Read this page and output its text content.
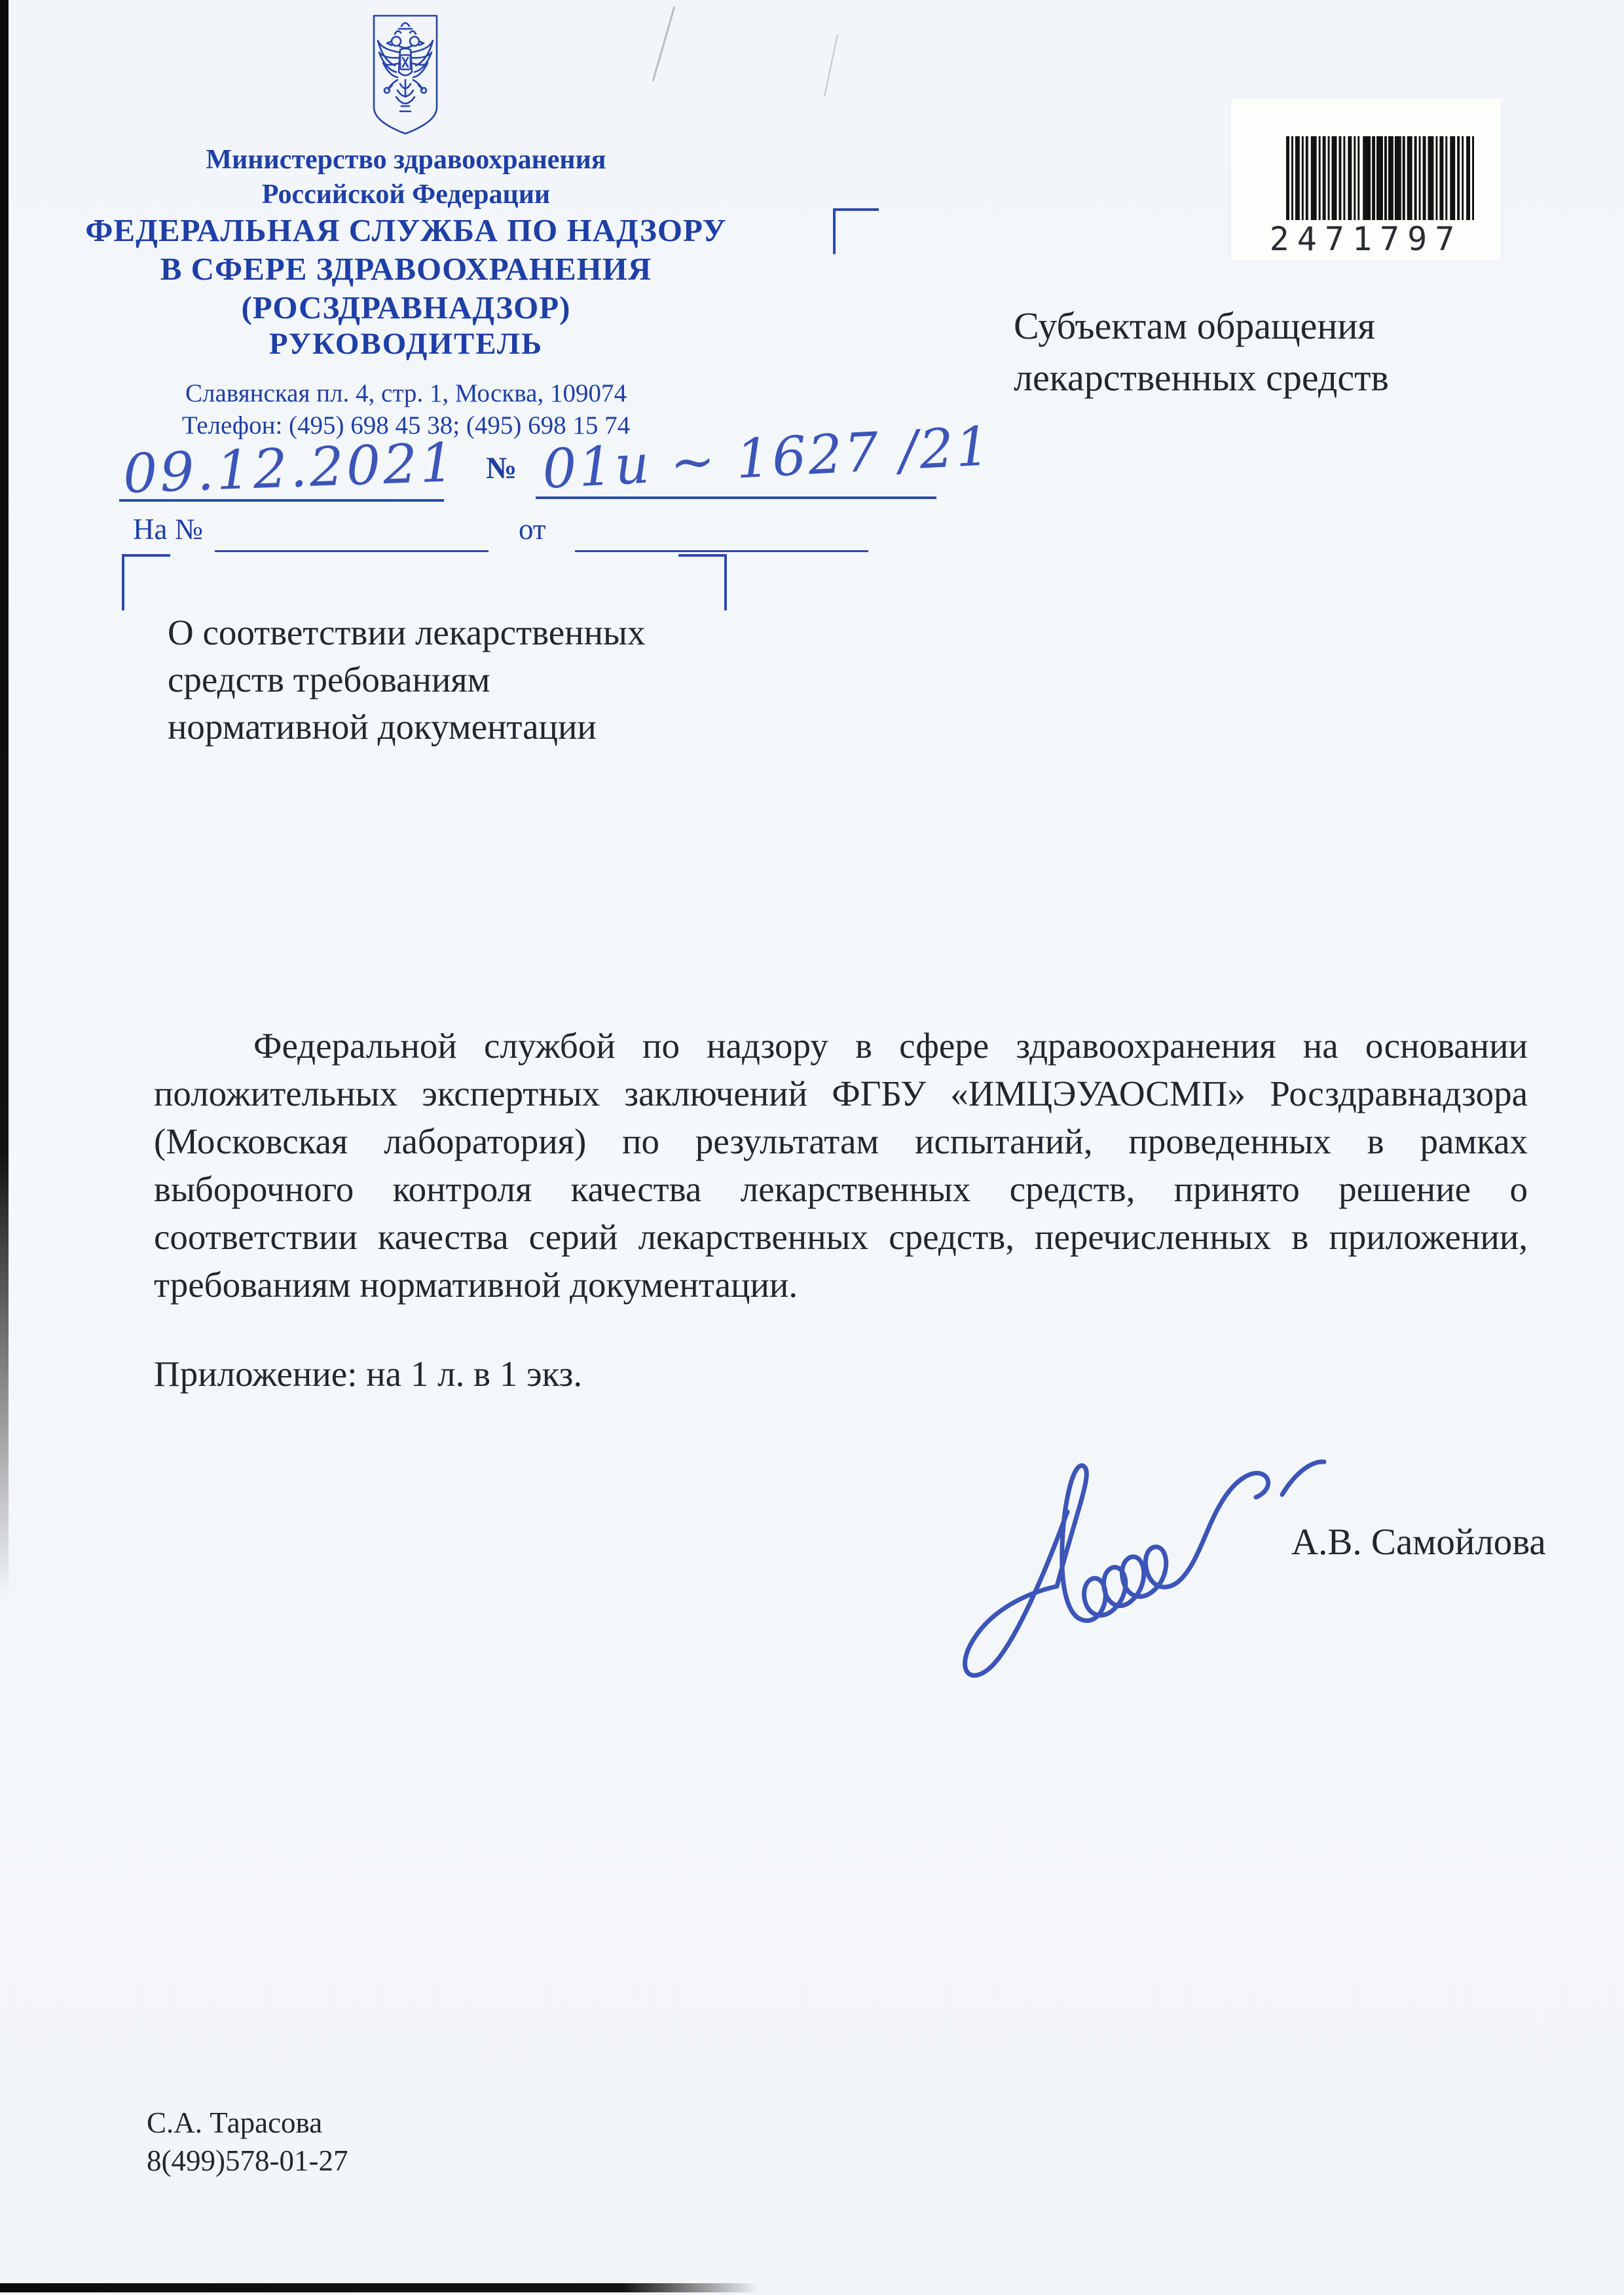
Министерство здравоохранения
Российской Федерации
ФЕДЕРАЛЬНАЯ СЛУЖБА ПО НАДЗОРУ
В СФЕРЕ ЗДРАВООХРАНЕНИЯ
(РОСЗДРАВНАДЗОР)
РУКОВОДИТЕЛЬ
Славянская пл. 4, стр. 1, Москва, 109074
Телефон: (495) 698 45 38; (495) 698 15 74
09.12.2021 № 01и ~ 1627 /21
На №	от
2471797
Субъектам обращения
лекарственных средств
О соответствии лекарственных
средств требованиям
нормативной документации
Федеральной службой по надзору в сфере здравоохранения на основании положительных экспертных заключений ФГБУ «ИМЦЭУАОСМП» Росздравнадзора (Московская лаборатория) по результатам испытаний, проведенных в рамках выборочного контроля качества лекарственных средств, принято решение о соответствии качества серий лекарственных средств, перечисленных в приложении, требованиям нормативной документации.
Приложение: на 1 л. в 1 экз.
А.В. Самойлова
С.А. Тарасова
8(499)578-01-27
